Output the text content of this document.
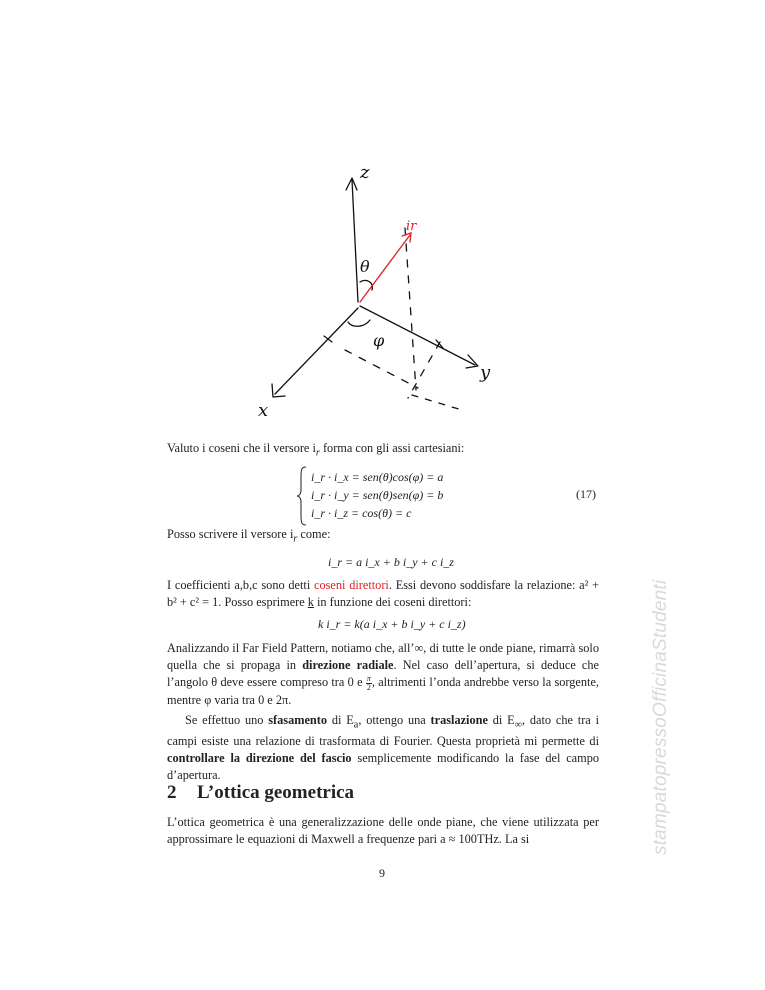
z
y
x
θ
φ
ir
Valuto i coseni che il versore $i_r$ forma con gli assi cartesiani:
i_r · i_x = sen(θ)cos(φ) = a
i_r · i_y = sen(θ)sen(φ) = b
i_r · i_z = cos(θ) = c
(17)
Posso scrivere il versore $i_r$ come:
i_r = a i_x + b i_y + c i_z
I coefficienti a,b,c sono detti coseni direttori. Essi devono soddisfare la relazione: a² + b² + c² = 1. Posso esprimere k in funzione dei coseni direttori:
k i_r = k(a i_x + b i_y + c i_z)
Analizzando il Far Field Pattern, notiamo che, all’∞, di tutte le onde piane, rimarrà solo quella che si propaga in direzione radiale. Nel caso dell’apertura, si deduce che l’angolo θ deve essere compreso tra 0 e $\frac{\pi}{2}$ , altrimenti l’onda andrebbe verso la sorgente, mentre φ varia tra 0 e 2π.
Se effettuo uno sfasamento di $E_a$, ottengo una traslazione di $E_\infty$, dato che tra i campi esiste una relazione di trasformata di Fourier. Questa proprietà mi permette di controllare la direzione del fascio semplicemente modificando la fase del campo d’apertura.
2 L’ottica geometrica
L’ottica geometrica è una generalizzazione delle onde piane, che viene utilizzata per approssimare le equazioni di Maxwell a frequenze pari a ≈ 100THz. La si
9
stampatopressoOfficinaStudenti
